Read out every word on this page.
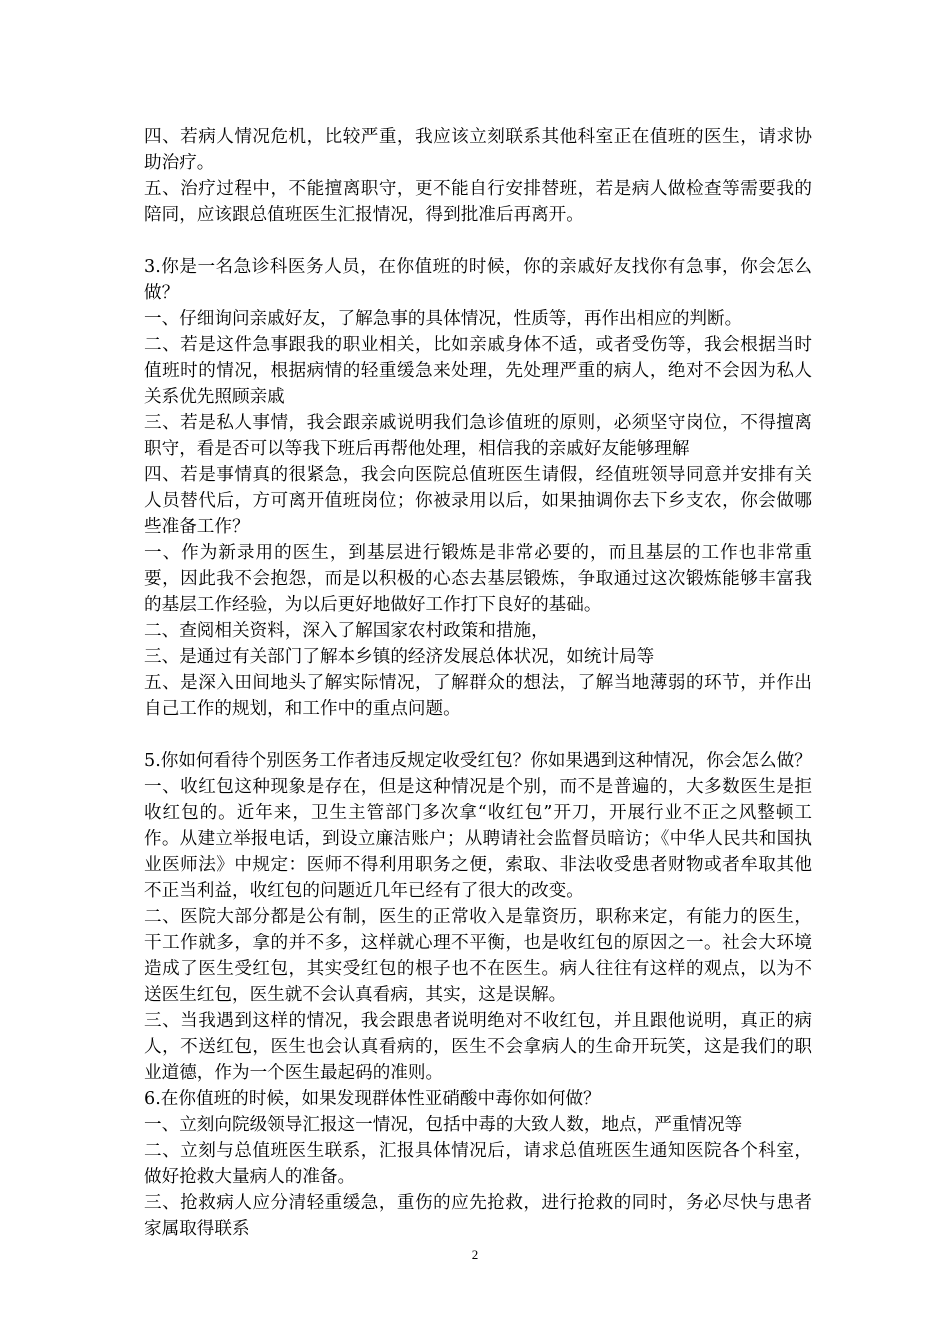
四、若病人情况危机，比较严重，我应该立刻联系其他科室正在值班的医生，请求协助治疗。

五、治疗过程中，不能擅离职守，更不能自行安排替班，若是病人做检查等需要我的陪同，应该跟总值班医生汇报情况，得到批准后再离开。

3.你是一名急诊科医务人员，在你值班的时候，你的亲戚好友找你有急事，你会怎么做？

一、仔细询问亲戚好友，了解急事的具体情况，性质等，再作出相应的判断。

二、若是这件急事跟我的职业相关，比如亲戚身体不适，或者受伤等，我会根据当时值班时的情况，根据病情的轻重缓急来处理，先处理严重的病人，绝对不会因为私人关系优先照顾亲戚

三、若是私人事情，我会跟亲戚说明我们急诊值班的原则，必须坚守岗位，不得擅离职守，看是否可以等我下班后再帮他处理，相信我的亲戚好友能够理解

四、若是事情真的很紧急，我会向医院总值班医生请假，经值班领导同意并安排有关人员替代后，方可离开值班岗位；你被录用以后，如果抽调你去下乡支农，你会做哪些准备工作？

一、作为新录用的医生，到基层进行锻炼是非常必要的，而且基层的工作也非常重要，因此我不会抱怨，而是以积极的心态去基层锻炼，争取通过这次锻炼能够丰富我的基层工作经验，为以后更好地做好工作打下良好的基础。

二、查阅相关资料，深入了解国家农村政策和措施，

三、是通过有关部门了解本乡镇的经济发展总体状况，如统计局等

五、是深入田间地头了解实际情况，了解群众的想法，了解当地薄弱的环节，并作出自己工作的规划，和工作中的重点问题。

5.你如何看待个别医务工作者违反规定收受红包？你如果遇到这种情况，你会怎么做？

一、收红包这种现象是存在，但是这种情况是个别，而不是普遍的，大多数医生是拒收红包的。近年来，卫生主管部门多次拿“收红包”开刀，开展行业不正之风整顿工作。从建立举报电话，到设立廉洁账户；从聘请社会监督员暗访；《中华人民共和国执业医师法》中规定：医师不得利用职务之便，索取、非法收受患者财物或者牟取其他不正当利益，收红包的问题近几年已经有了很大的改变。

二、医院大部分都是公有制，医生的正常收入是靠资历，职称来定，有能力的医生，干工作就多，拿的并不多，这样就心理不平衡，也是收红包的原因之一。社会大环境造成了医生受红包，其实受红包的根子也不在医生。病人往往有这样的观点，以为不送医生红包，医生就不会认真看病，其实，这是误解。

三、当我遇到这样的情况，我会跟患者说明绝对不收红包，并且跟他说明，真正的病人，不送红包，医生也会认真看病的，医生不会拿病人的生命开玩笑，这是我们的职业道德，作为一个医生最起码的准则。

6.在你值班的时候，如果发现群体性亚硝酸中毒你如何做？

一、立刻向院级领导汇报这一情况，包括中毒的大致人数，地点，严重情况等

二、立刻与总值班医生联系，汇报具体情况后，请求总值班医生通知医院各个科室，做好抢救大量病人的准备。

三、抢救病人应分清轻重缓急，重伤的应先抢救，进行抢救的同时，务必尽快与患者家属取得联系

2
